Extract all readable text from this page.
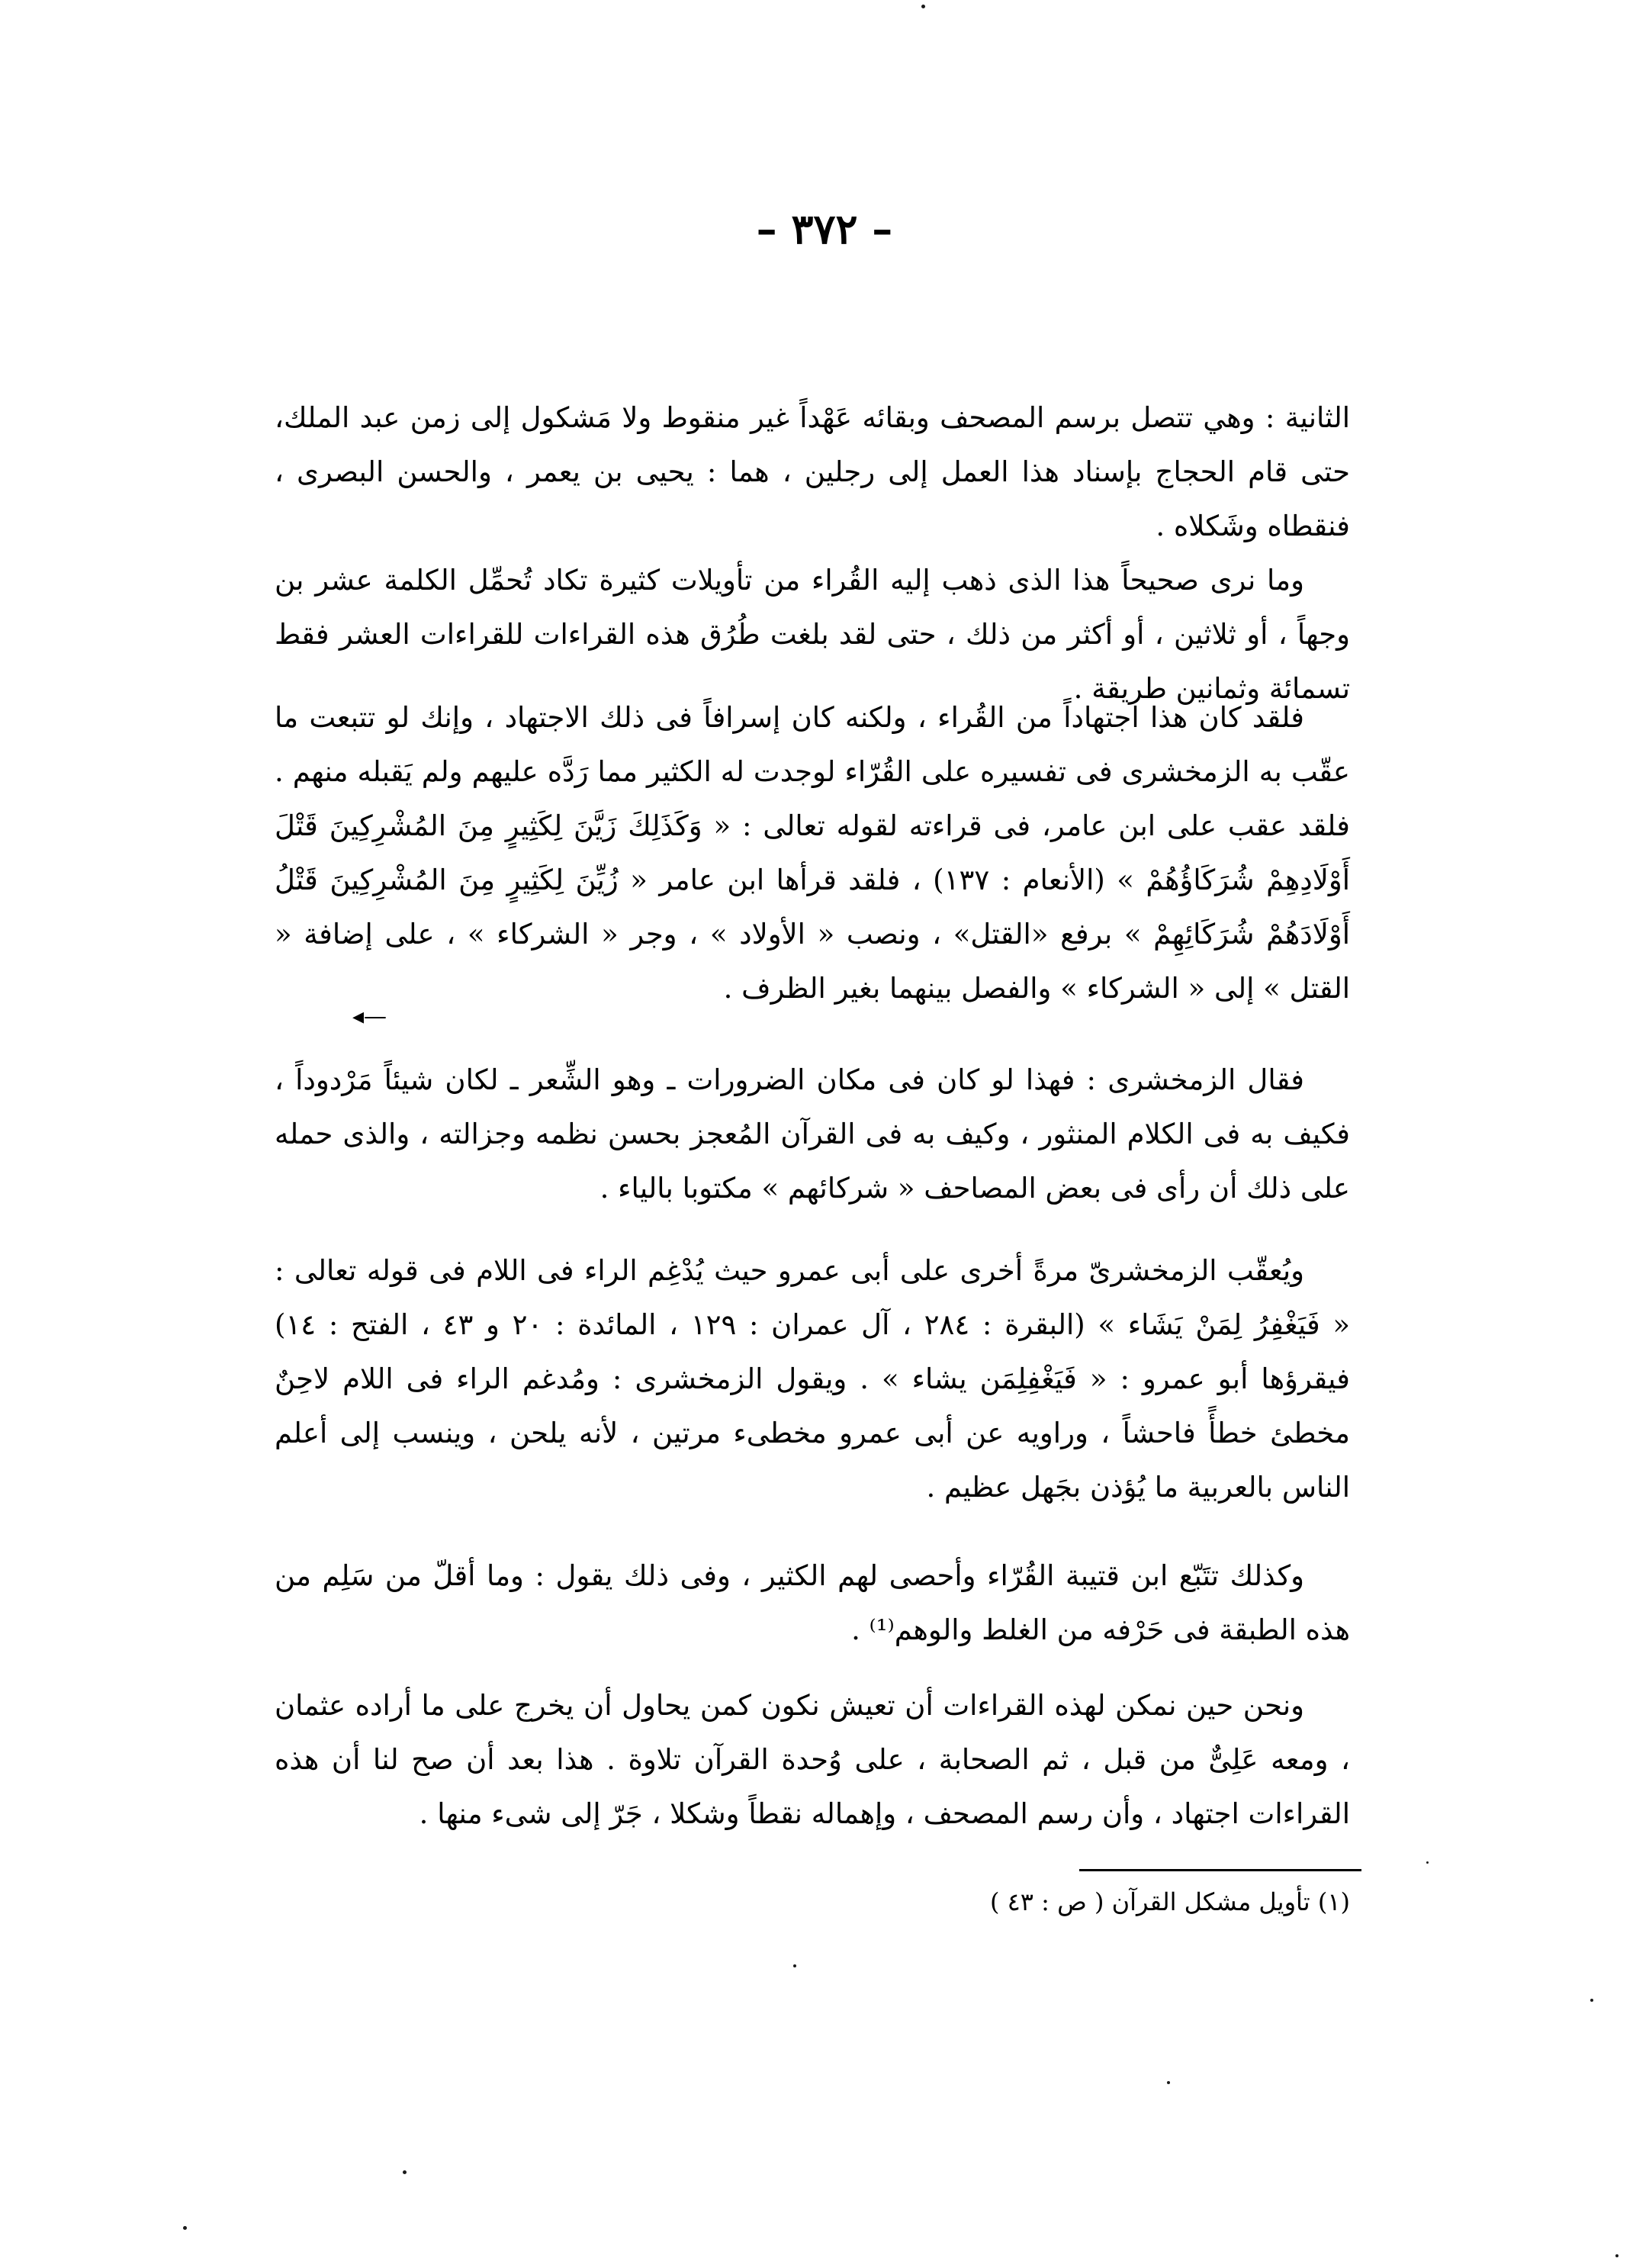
– ٣٧٢ –

الثانية : وهي تتصل برسم المصحف وبقائه عَهْداً غير منقوط ولا مَشكول إلى زمن عبد الملك، حتى قام الحجاج بإسناد هذا العمل إلى رجلين ، هما : يحيى بن يعمر ، والحسن البصرى ، فنقطاه وشَكلاه .

وما نرى صحيحاً هذا الذى ذهب إليه القُراء من تأويلات كثيرة تكاد تُحمِّل الكلمة عشر بن وجهاً ، أو ثلاثين ، أو أكثر من ذلك ، حتى لقد بلغت طُرُق هذه القراءات للقراءات العشر فقط تسمائة وثمانين طريقة .

فلقد كان هذا اجتهاداً من القُراء ، ولكنه كان إسرافاً فى ذلك الاجتهاد ، وإنك لو تتبعت ما عقّب به الزمخشرى فى تفسيره على القُرّاء لوجدت له الكثير مما رَدَّه عليهم ولم يَقبله منهم . فلقد عقب على ابن عامر، فى قراءته لقوله تعالى : « وَكَذَلِكَ زَيَّنَ لِكَثِيرٍ مِنَ المُشْرِكِينَ قَتْلَ أَوْلَادِهِمْ شُرَكَاؤُهُمْ » (الأنعام : ١٣٧) ، فلقد قرأها ابن عامر « زُيِّنَ لِكَثِيرٍ مِنَ المُشْرِكِينَ قَتْلُ أَوْلَادَهُمْ شُرَكَائِهِمْ » برفع «القتل» ، ونصب « الأولاد » ، وجر « الشركاء » ، على إضافة « القتل » إلى « الشركاء » والفصل بينهما بغير الظرف .

فقال الزمخشرى : فهذا لو كان فى مكان الضرورات ـ وهو الشِّعر ـ لكان شيئاً مَرْدوداً ، فكيف به فى الكلام المنثور ، وكيف به فى القرآن المُعجز بحسن نظمه وجزالته ، والذى حمله على ذلك أن رأى فى بعض المصاحف « شركائهم » مكتوبا بالياء .

ويُعقّب الزمخشرىّ مرةً أخرى على أبى عمرو حيث يُدْغِم الراء فى اللام فى قوله تعالى : « فَيَغْفِرُ لِمَنْ يَشَاء » (البقرة : ٢٨٤ ، آل عمران : ١٢٩ ، المائدة : ٢٠ و ٤٣ ، الفتح : ١٤) فيقرؤها أبو عمرو : « فَيَغْفِلِمَن يشاء » . ويقول الزمخشرى : ومُدغم الراء فى اللام لاحِنٌ مخطئ خطأً فاحشاً ، وراويه عن أبى عمرو مخطىء مرتين ، لأنه يلحن ، وينسب إلى أعلم الناس بالعربية ما يُؤذن بجَهل عظيم .

وكذلك تتَبّع ابن قتيبة القُرّاء وأحصى لهم الكثير ، وفى ذلك يقول : وما أقلّ من سَلِم من هذه الطبقة فى حَرْفه من الغلط والوهم⁽¹⁾ .

ونحن حين نمكن لهذه القراءات أن تعيش نكون كمن يحاول أن يخرج على ما أراده عثمان ، ومعه عَلِىٌّ من قبل ، ثم الصحابة ، على وُحدة القرآن تلاوة . هذا بعد أن صح لنا أن هذه القراءات اجتهاد ، وأن رسم المصحف ، وإهماله نقطاً وشكلا ، جَرّ إلى شىء منها .

(١) تأويل مشكل القرآن ( ص : ٤٣ )
◂—
